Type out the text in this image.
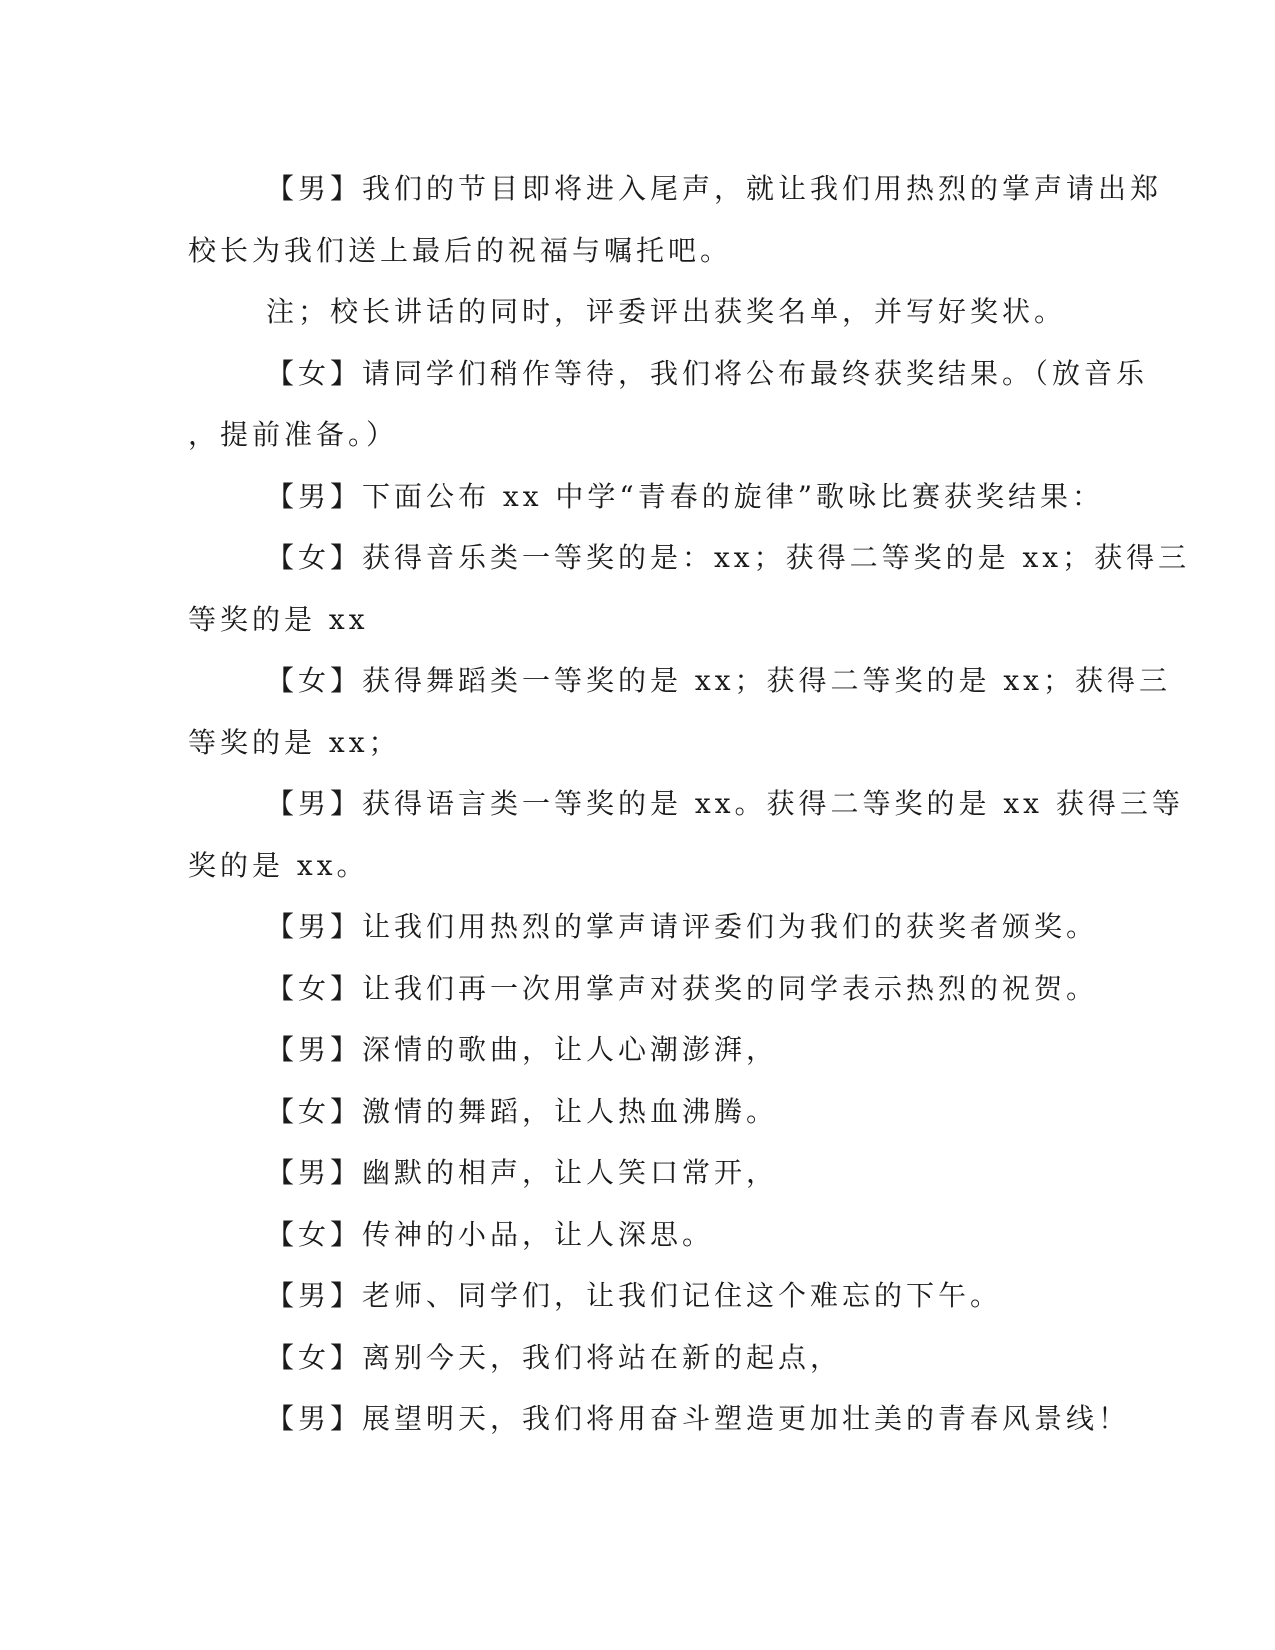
【男】我们的节目即将进入尾声，就让我们用热烈的掌声请出郑
校长为我们送上最后的祝福与嘱托吧。

注；校长讲话的同时，评委评出获奖名单，并写好奖状。

【女】请同学们稍作等待，我们将公布最终获奖结果。（放音乐
，提前准备。）

【男】下面公布 xx 中学“青春的旋律”歌咏比赛获奖结果：

【女】获得音乐类一等奖的是：xx；获得二等奖的是 xx；获得三
等奖的是 xx

【女】获得舞蹈类一等奖的是 xx；获得二等奖的是 xx；获得三
等奖的是 xx；

【男】获得语言类一等奖的是 xx。获得二等奖的是 xx 获得三等
奖的是 xx。

【男】让我们用热烈的掌声请评委们为我们的获奖者颁奖。

【女】让我们再一次用掌声对获奖的同学表示热烈的祝贺。

【男】深情的歌曲，让人心潮澎湃，

【女】激情的舞蹈，让人热血沸腾。

【男】幽默的相声，让人笑口常开，

【女】传神的小品，让人深思。

【男】老师、同学们，让我们记住这个难忘的下午。

【女】离别今天，我们将站在新的起点，

【男】展望明天，我们将用奋斗塑造更加壮美的青春风景线！
